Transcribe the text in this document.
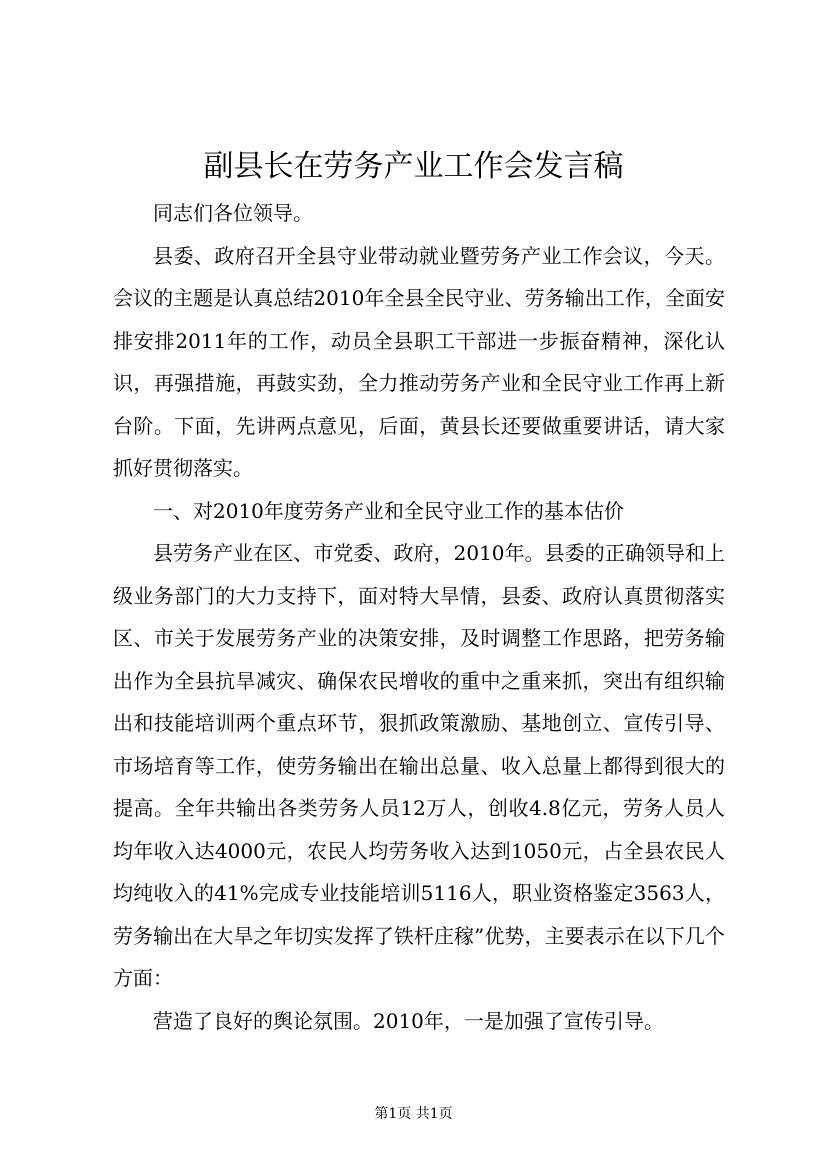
副县长在劳务产业工作会发言稿

同志们各位领导。

县委、政府召开全县守业带动就业暨劳务产业工作会议，今天。会议的主题是认真总结2010年全县全民守业、劳务输出工作，全面安排安排2011年的工作，动员全县职工干部进一步振奋精神，深化认识，再强措施，再鼓实劲，全力推动劳务产业和全民守业工作再上新台阶。下面，先讲两点意见，后面，黄县长还要做重要讲话，请大家抓好贯彻落实。

一、对2010年度劳务产业和全民守业工作的基本估价

县劳务产业在区、市党委、政府，2010年。县委的正确领导和上级业务部门的大力支持下，面对特大旱情，县委、政府认真贯彻落实区、市关于发展劳务产业的决策安排，及时调整工作思路，把劳务输出作为全县抗旱减灾、确保农民增收的重中之重来抓，突出有组织输出和技能培训两个重点环节，狠抓政策激励、基地创立、宣传引导、市场培育等工作，使劳务输出在输出总量、收入总量上都得到很大的提高。全年共输出各类劳务人员12万人，创收4.8亿元，劳务人员人均年收入达4000元，农民人均劳务收入达到1050元，占全县农民人均纯收入的41%完成专业技能培训5116人，职业资格鉴定3563人，劳务输出在大旱之年切实发挥了铁杆庄稼”优势，主要表示在以下几个方面：

营造了良好的舆论氛围。2010年，一是加强了宣传引导。

第1页 共1页
